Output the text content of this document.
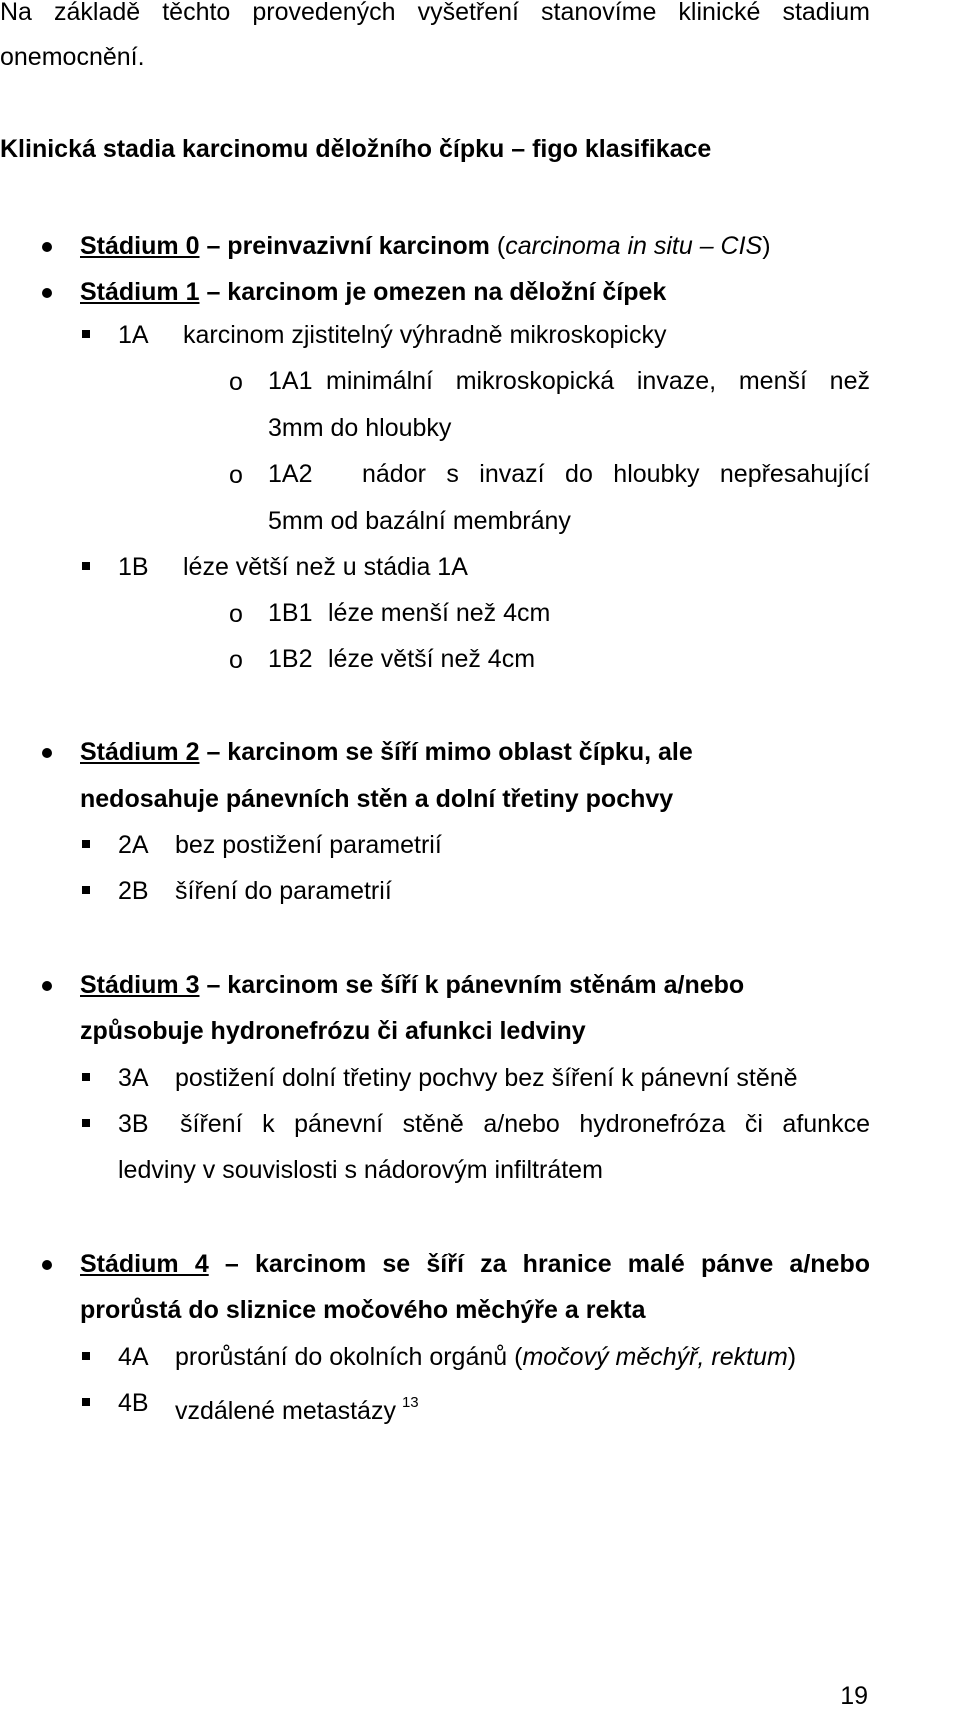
Na základě těchto provedených vyšetření stanovíme klinické stadium
onemocnění.
Klinická stadia karcinomu děložního čípku – figo klasifikace
Stádium 0 – preinvazivní karcinom (carcinoma in situ – CIS)
Stádium 1 – karcinom je omezen na děložní čípek
1A karcinom zjistitelný výhradně mikroskopicky
o 1A1 minimální mikroskopická invaze, menší než
3mm do hloubky
o 1A2 nádor s invazí do hloubky nepřesahující
5mm od bazální membrány
1B léze větší než u stádia 1A
o 1B1 léze menší než 4cm
o 1B2 léze větší než 4cm
Stádium 2 – karcinom se šíří mimo oblast čípku, ale
nedosahuje pánevních stěn a dolní třetiny pochvy
2A bez postižení parametrií
2B šíření do parametrií
Stádium 3 – karcinom se šíří k pánevním stěnám a/nebo
způsobuje hydronefrózu či afunkci ledviny
3A postižení dolní třetiny pochvy bez šíření k pánevní stěně
3B šíření k pánevní stěně a/nebo hydronefróza či afunkce
ledviny v souvislosti s nádorovým infiltrátem
Stádium 4 – karcinom se šíří za hranice malé pánve a/nebo
prorůstá do sliznice močového měchýře a rekta
4A prorůstání do okolních orgánů (močový měchýř, rektum)
4B vzdálené metastázy $^{13}$
19
